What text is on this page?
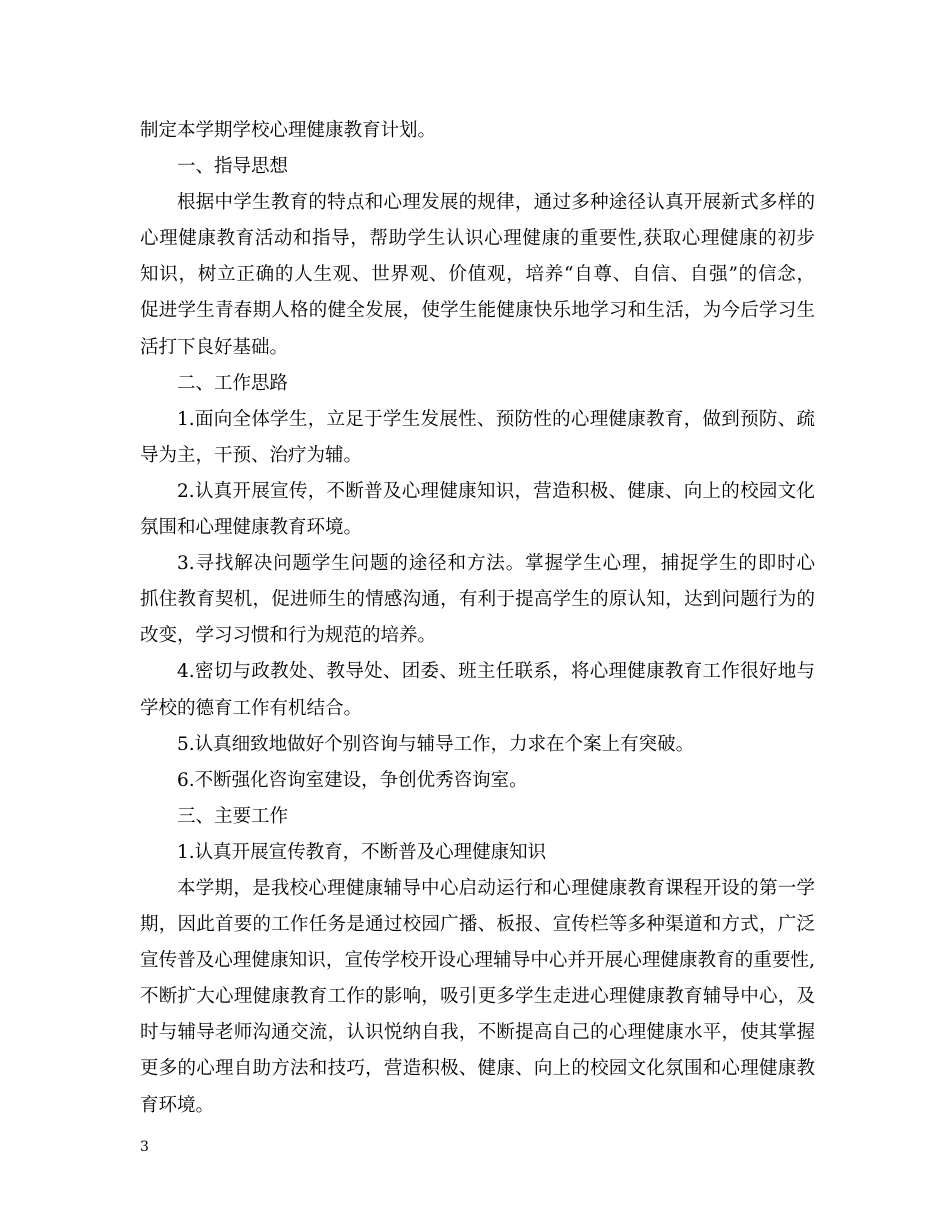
制定本学期学校心理健康教育计划。
一、指导思想
根据中学生教育的特点和心理发展的规律，通过多种途径认真开展新式多样的
心理健康教育活动和指导，帮助学生认识心理健康的重要性,获取心理健康的初步
知识，树立正确的人生观、世界观、价值观，培养“自尊、自信、自强”的信念，
促进学生青春期人格的健全发展，使学生能健康快乐地学习和生活，为今后学习生
活打下良好基础。
二、工作思路
1.面向全体学生，立足于学生发展性、预防性的心理健康教育，做到预防、疏
导为主，干预、治疗为辅。
2.认真开展宣传，不断普及心理健康知识，营造积极、健康、向上的校园文化
氛围和心理健康教育环境。
3.寻找解决问题学生问题的途径和方法。掌握学生心理，捕捉学生的即时心
抓住教育契机，促进师生的情感沟通，有利于提高学生的原认知，达到问题行为的
改变，学习习惯和行为规范的培养。
4.密切与政教处、教导处、团委、班主任联系，将心理健康教育工作很好地与
学校的德育工作有机结合。
5.认真细致地做好个别咨询与辅导工作，力求在个案上有突破。
6.不断强化咨询室建设，争创优秀咨询室。
三、主要工作
1.认真开展宣传教育，不断普及心理健康知识
本学期，是我校心理健康辅导中心启动运行和心理健康教育课程开设的第一学
期，因此首要的工作任务是通过校园广播、板报、宣传栏等多种渠道和方式，广泛
宣传普及心理健康知识，宣传学校开设心理辅导中心并开展心理健康教育的重要性,
不断扩大心理健康教育工作的影响，吸引更多学生走进心理健康教育辅导中心，及
时与辅导老师沟通交流，认识悦纳自我，不断提高自己的心理健康水平，使其掌握
更多的心理自助方法和技巧，营造积极、健康、向上的校园文化氛围和心理健康教
育环境。
3
